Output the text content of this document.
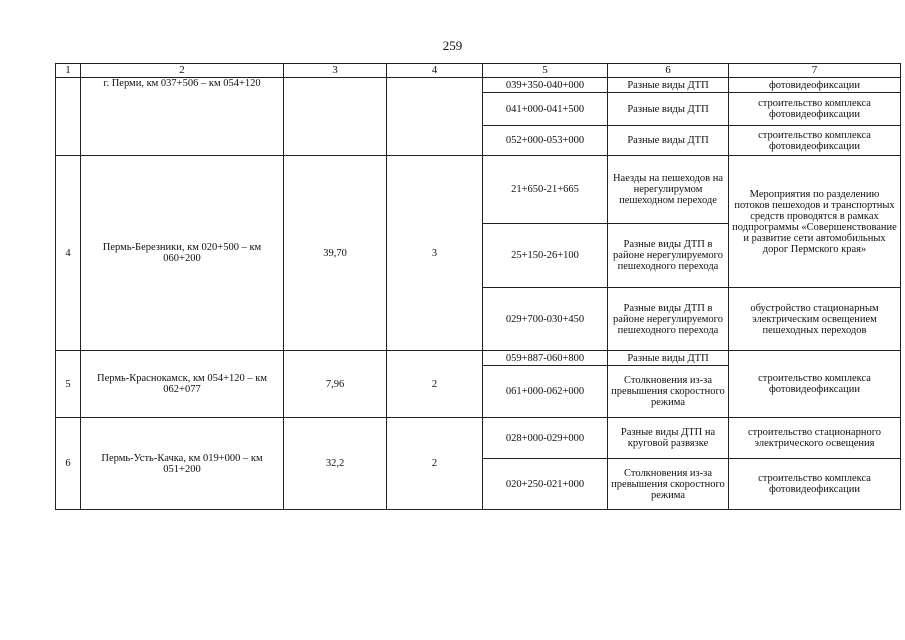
259
1	2	3	4	5	6	7
	г. Перми, км 037+506 – км 054+120			039+350-040+000	Разные виды ДТП	фотовидеофиксации
				041+000-041+500	Разные виды ДТП	строительство комплекса фотовидеофиксации
				052+000-053+000	Разные виды ДТП	строительство комплекса фотовидеофиксации
4	Пермь-Березники, км 020+500 – км 060+200	39,70	3	21+650-21+665	Наезды на пешеходов на нерегулирумом пешеходном переходе	Мероприятия по разделению потоков пешеходов и транспортных средств проводятся в рамках подпрограммы «Совершенствование и развитие сети автомобильных дорог Пермского края»
				25+150-26+100	Разные виды ДТП в районе нерегулируемого пешеходного перехода	
				029+700-030+450	Разные виды ДТП в районе нерегулируемого пешеходного перехода	обустройство стационарным электрическим освещением пешеходных переходов
5	Пермь-Краснокамск, км 054+120 – км 062+077	7,96	2	059+887-060+800	Разные виды ДТП	строительство комплекса фотовидеофиксации
				061+000-062+000	Столкновения из-за превышения скоростного режима	
6	Пермь-Усть-Качка, км 019+000 – км 051+200	32,2	2	028+000-029+000	Разные виды ДТП на круговой развязке	строительство стационарного электрического освещения
				020+250-021+000	Столкновения из-за превышения скоростного режима	строительство комплекса фотовидеофиксации
